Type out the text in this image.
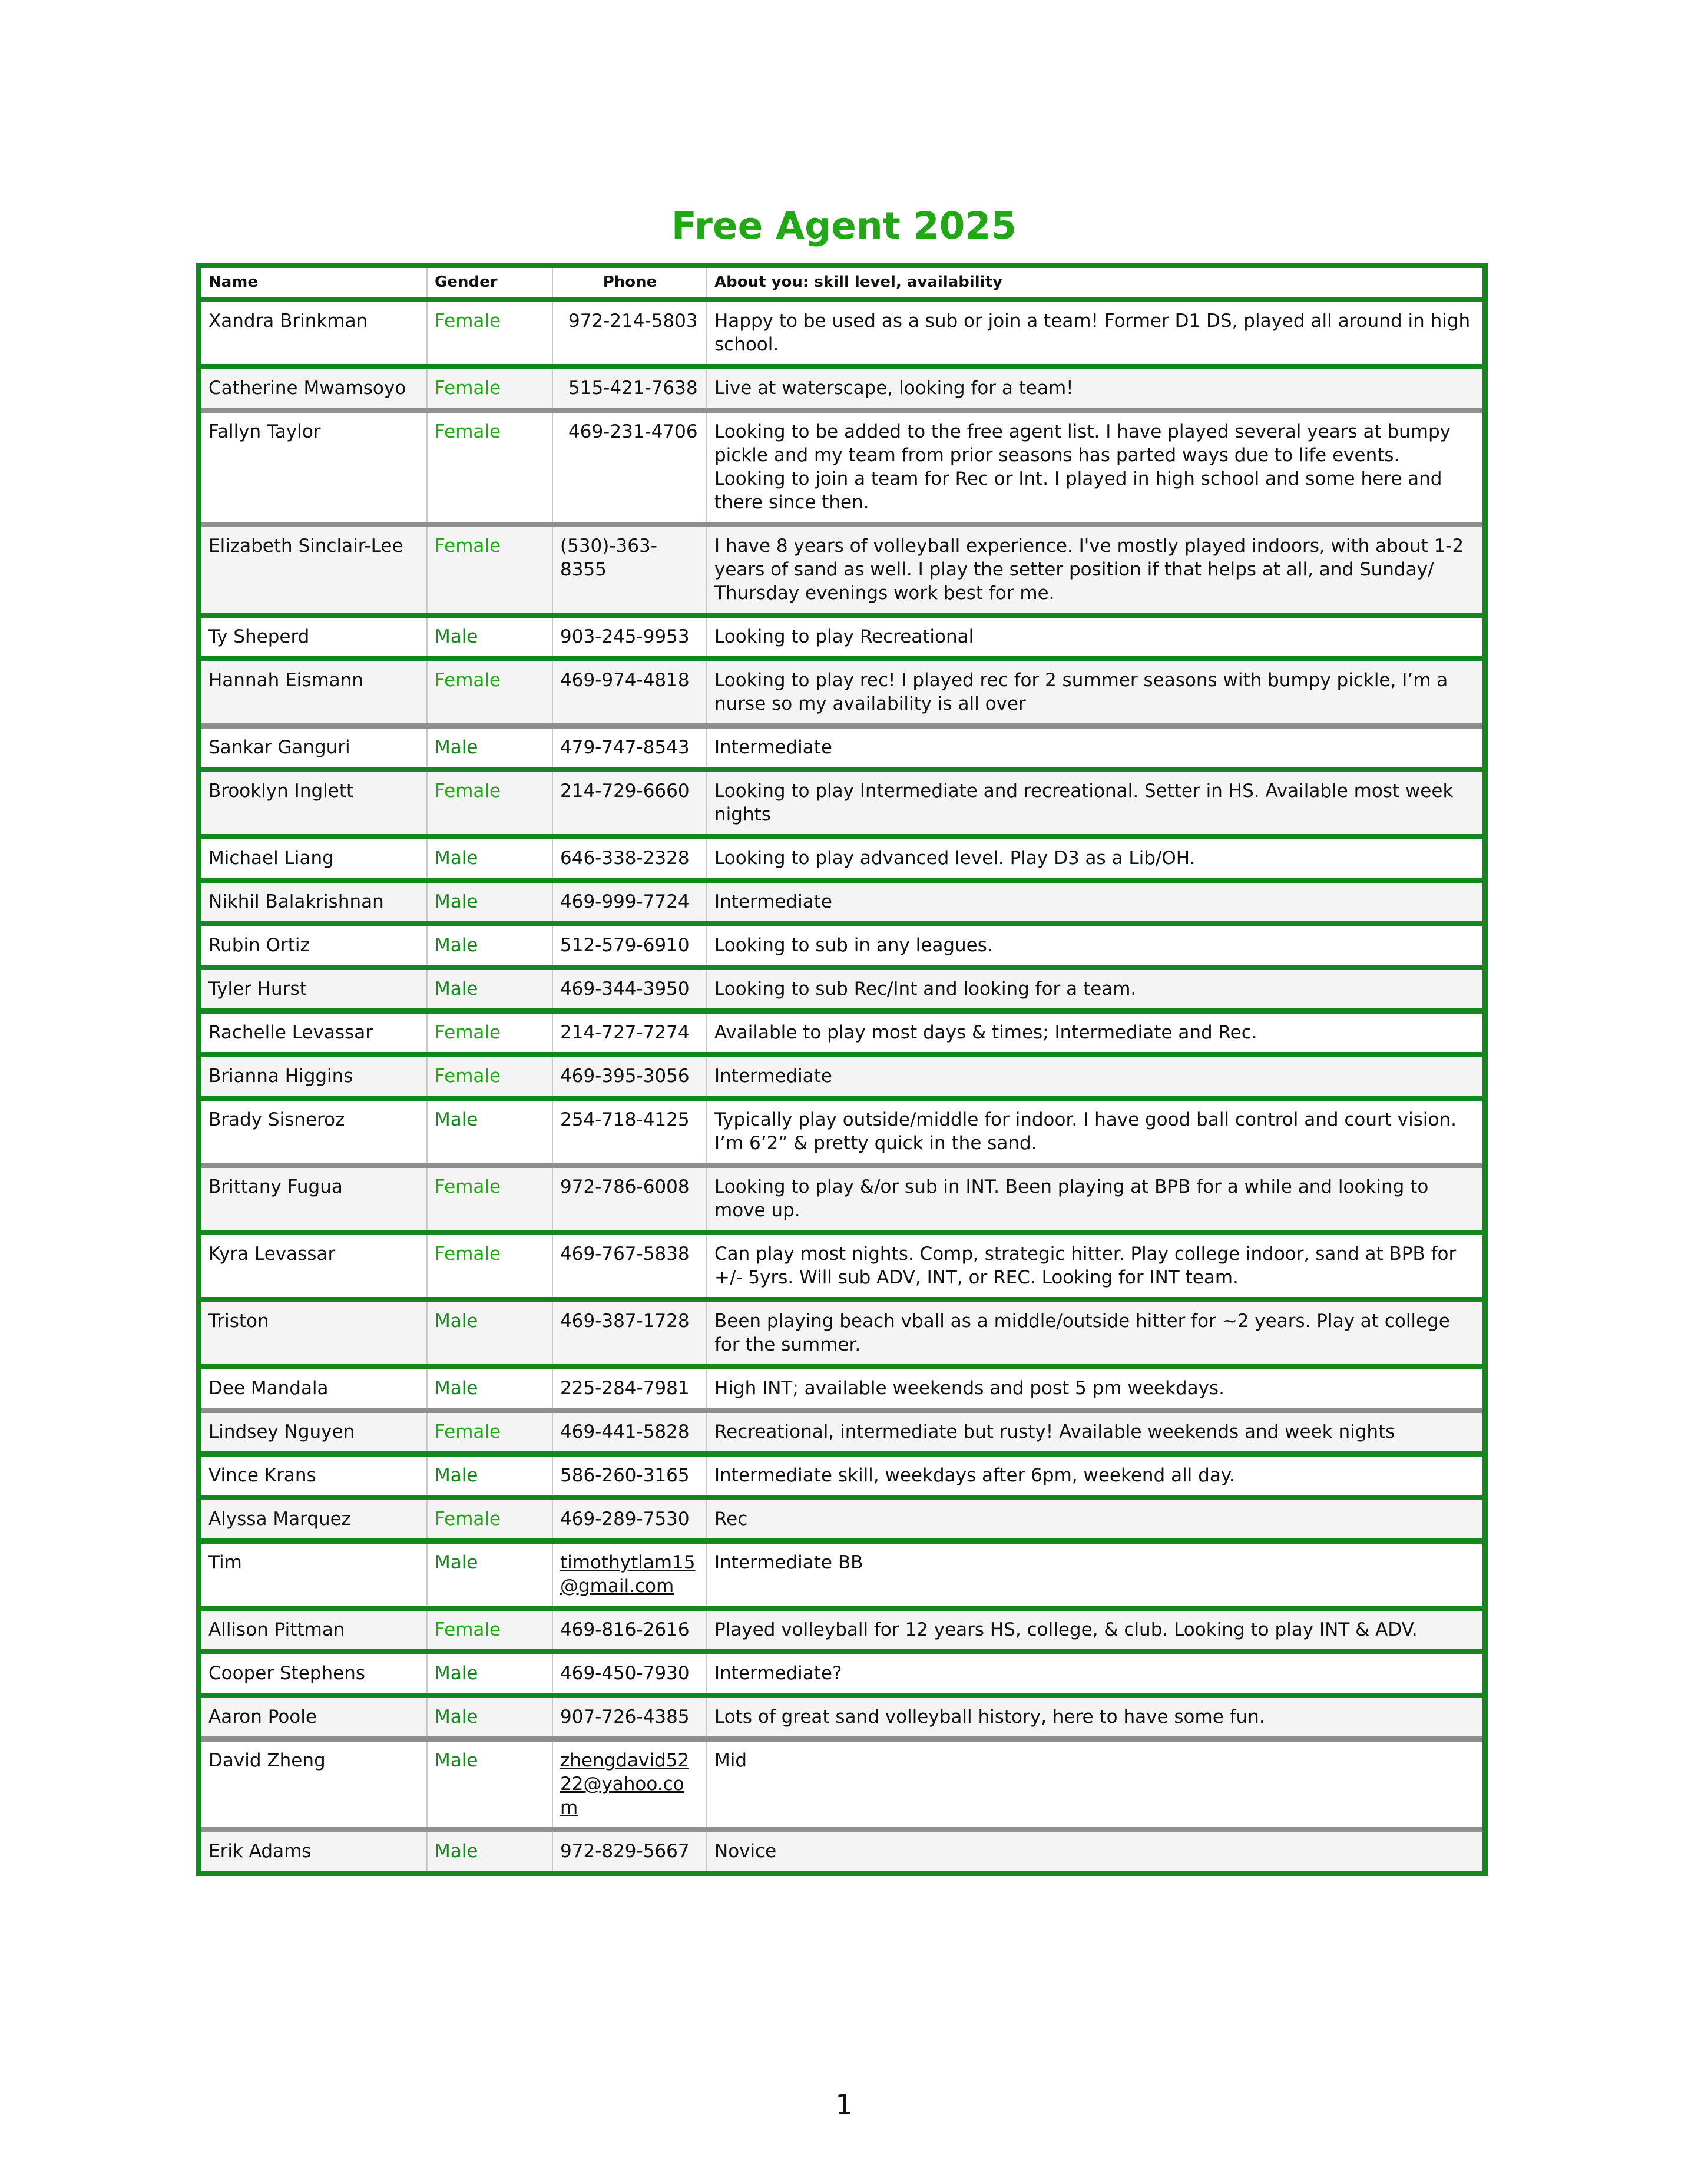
Free Agent 2025
Name	Gender	Phone	About you: skill level, availability
Xandra Brinkman	Female	972-214-5803	Happy to be used as a sub or join a team! Former D1 DS, played all around in high school.
Catherine Mwamsoyo	Female	515-421-7638	Live at waterscape, looking for a team!
Fallyn Taylor	Female	469-231-4706	Looking to be added to the free agent list. I have played several years at bumpy pickle and my team from prior seasons has parted ways due to life events. Looking to join a team for Rec or Int. I played in high school and some here and there since then.
Elizabeth Sinclair-Lee	Female	(530)-363-8355	I have 8 years of volleyball experience. I've mostly played indoors, with about 1-2 years of sand as well. I play the setter position if that helps at all, and Sunday/ Thursday evenings work best for me.
Ty Sheperd	Male	903-245-9953	Looking to play Recreational
Hannah Eismann	Female	469-974-4818	Looking to play rec! I played rec for 2 summer seasons with bumpy pickle, I’m a nurse so my availability is all over
Sankar Ganguri	Male	479-747-8543	Intermediate
Brooklyn Inglett	Female	214-729-6660	Looking to play Intermediate and recreational. Setter in HS. Available most week nights
Michael Liang	Male	646-338-2328	Looking to play advanced level. Play D3 as a Lib/OH.
Nikhil Balakrishnan	Male	469-999-7724	Intermediate
Rubin Ortiz	Male	512-579-6910	Looking to sub in any leagues.
Tyler Hurst	Male	469-344-3950	Looking to sub Rec/Int and looking for a team.
Rachelle Levassar	Female	214-727-7274	Available to play most days & times; Intermediate and Rec.
Brianna Higgins	Female	469-395-3056	Intermediate
Brady Sisneroz	Male	254-718-4125	Typically play outside/middle for indoor. I have good ball control and court vision. I’m 6’2” & pretty quick in the sand.
Brittany Fugua	Female	972-786-6008	Looking to play &/or sub in INT. Been playing at BPB for a while and looking to move up.
Kyra Levassar	Female	469-767-5838	Can play most nights. Comp, strategic hitter. Play college indoor, sand at BPB for +/- 5yrs. Will sub ADV, INT, or REC. Looking for INT team.
Triston	Male	469-387-1728	Been playing beach vball as a middle/outside hitter for ~2 years. Play at college for the summer.
Dee Mandala	Male	225-284-7981	High INT; available weekends and post 5 pm weekdays.
Lindsey Nguyen	Female	469-441-5828	Recreational, intermediate but rusty! Available weekends and week nights
Vince Krans	Male	586-260-3165	Intermediate skill, weekdays after 6pm, weekend all day.
Alyssa Marquez	Female	469-289-7530	Rec
Tim	Male	timothytlam15@gmail.com	Intermediate BB
Allison Pittman	Female	469-816-2616	Played volleyball for 12 years HS, college, & club. Looking to play INT & ADV.
Cooper Stephens	Male	469-450-7930	Intermediate?
Aaron Poole	Male	907-726-4385	Lots of great sand volleyball history, here to have some fun.
David Zheng	Male	zhengdavid5222@yahoo.com	Mid
Erik Adams	Male	972-829-5667	Novice
1
